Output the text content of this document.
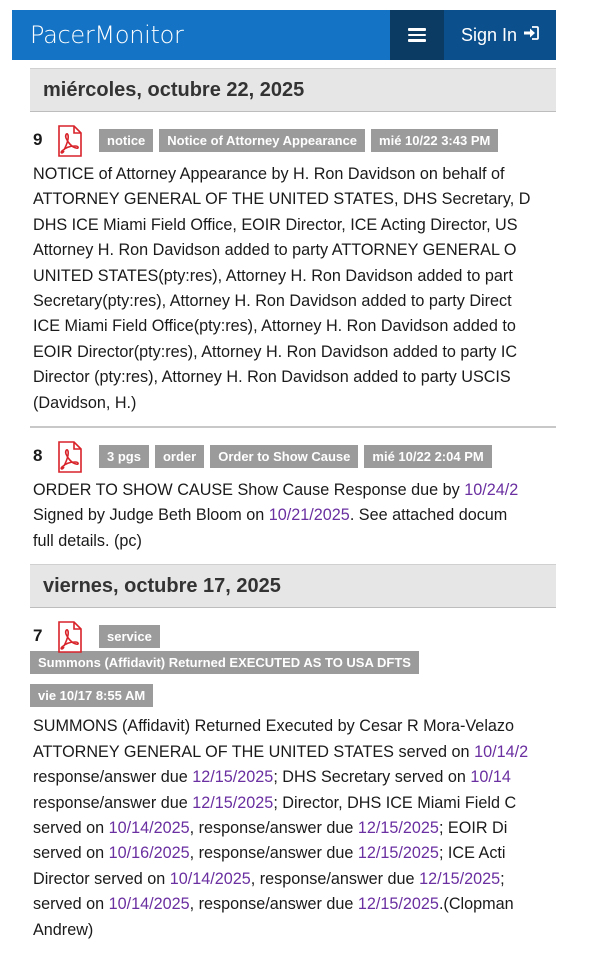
PacerMonitor	Sign In
miércoles, octubre 22, 2025
9	notice	Notice of Attorney Appearance	mié 10/22 3:43 PM
NOTICE of Attorney Appearance by H. Ron Davidson on behalf of
ATTORNEY GENERAL OF THE UNITED STATES, DHS Secretary, D
DHS ICE Miami Field Office, EOIR Director, ICE Acting Director, US
Attorney H. Ron Davidson added to party ATTORNEY GENERAL O
UNITED STATES(pty:res), Attorney H. Ron Davidson added to part
Secretary(pty:res), Attorney H. Ron Davidson added to party Direct
ICE Miami Field Office(pty:res), Attorney H. Ron Davidson added to
EOIR Director(pty:res), Attorney H. Ron Davidson added to party IC
Director (pty:res), Attorney H. Ron Davidson added to party USCIS
(Davidson, H.)
8	3 pgs	order	Order to Show Cause	mié 10/22 2:04 PM
ORDER TO SHOW CAUSE Show Cause Response due by 10/24/2
Signed by Judge Beth Bloom on 10/21/2025. See attached docum
full details. (pc)
viernes, octubre 17, 2025
7	service
Summons (Affidavit) Returned EXECUTED AS TO USA DFTS
vie 10/17 8:55 AM
SUMMONS (Affidavit) Returned Executed by Cesar R Mora-Velazo
ATTORNEY GENERAL OF THE UNITED STATES served on 10/14/2
response/answer due 12/15/2025; DHS Secretary served on 10/14
response/answer due 12/15/2025; Director, DHS ICE Miami Field C
served on 10/14/2025, response/answer due 12/15/2025; EOIR Di
served on 10/16/2025, response/answer due 12/15/2025; ICE Acti
Director served on 10/14/2025, response/answer due 12/15/2025;
served on 10/14/2025, response/answer due 12/15/2025.(Clopman
Andrew)
